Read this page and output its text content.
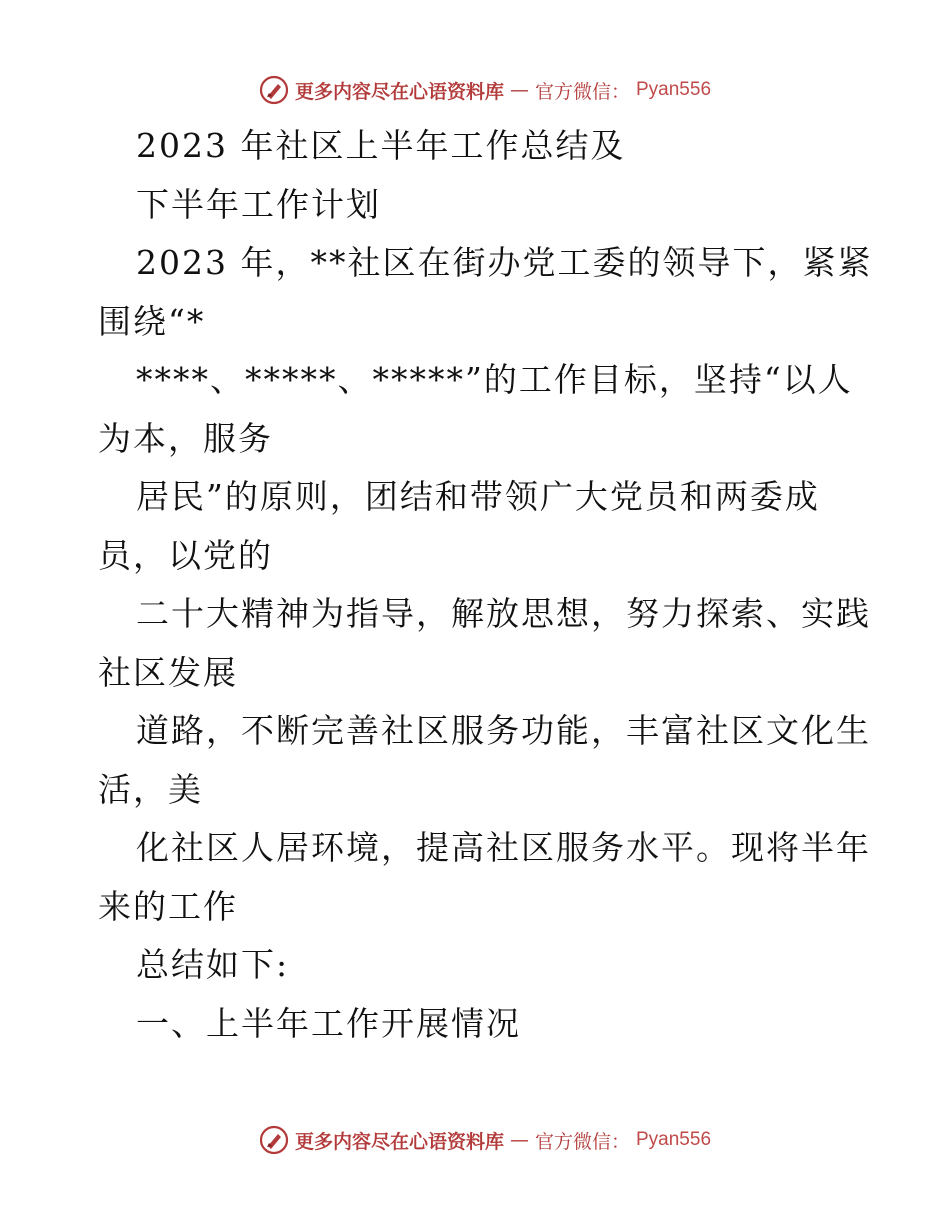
更多内容尽在心语资料库 — 官方微信： Pyan556
2023 年社区上半年工作总结及
下半年工作计划
2023 年，**社区在街办党工委的领导下，紧紧
围绕“*
****、*****、*****”的工作目标，坚持“以人
为本，服务
居民”的原则，团结和带领广大党员和两委成
员，以党的
二十大精神为指导，解放思想，努力探索、实践
社区发展
道路，不断完善社区服务功能，丰富社区文化生
活，美
化社区人居环境，提高社区服务水平。现将半年
来的工作
总结如下:
一、上半年工作开展情况
更多内容尽在心语资料库 — 官方微信： Pyan556
